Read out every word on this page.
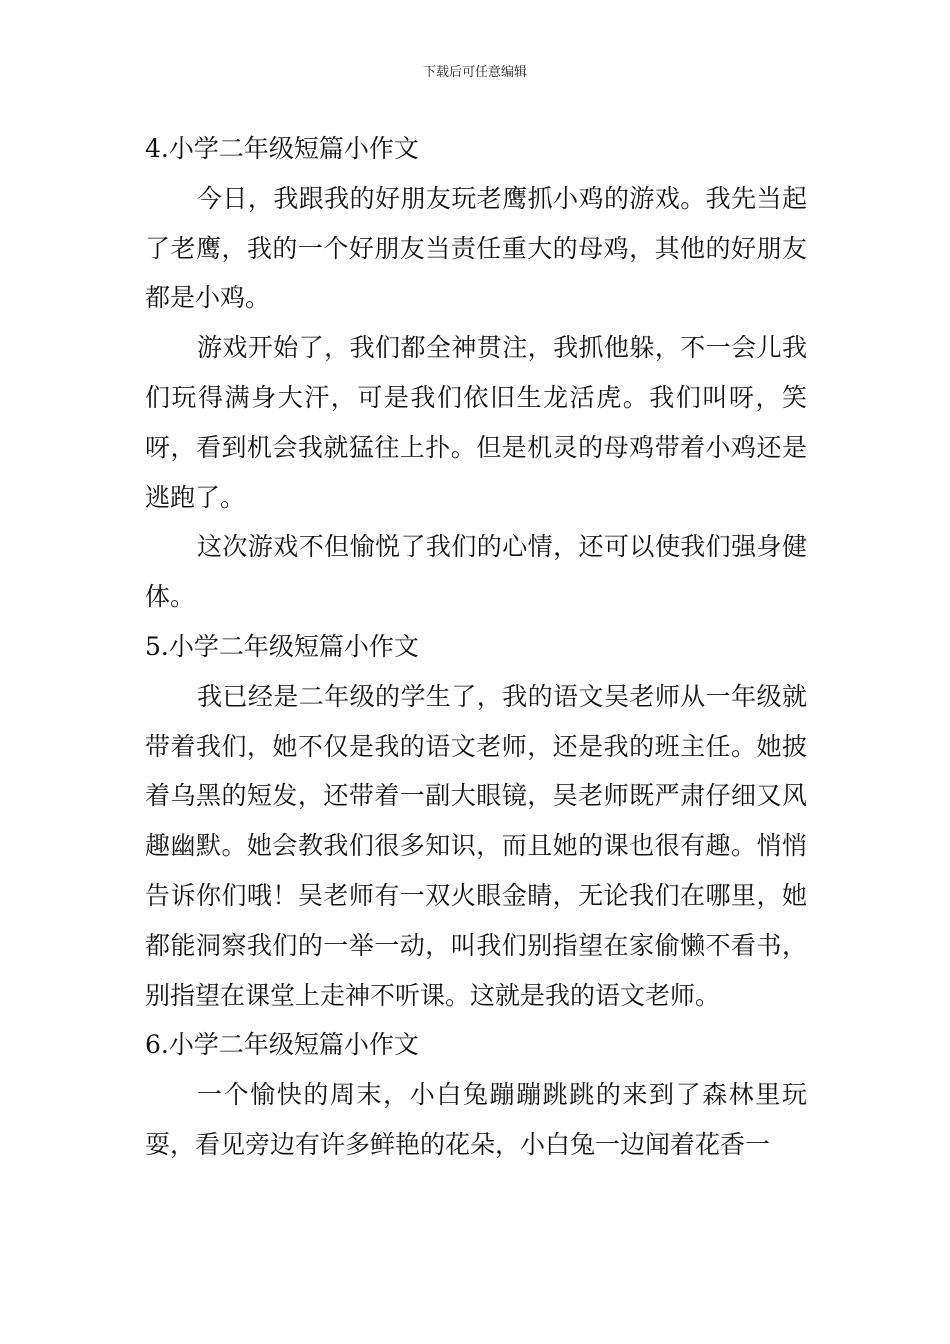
下载后可任意编辑

4.小学二年级短篇小作文

今日，我跟我的好朋友玩老鹰抓小鸡的游戏。我先当起了老鹰，我的一个好朋友当责任重大的母鸡，其他的好朋友都是小鸡。

游戏开始了，我们都全神贯注，我抓他躲，不一会儿我们玩得满身大汗，可是我们依旧生龙活虎。我们叫呀，笑呀，看到机会我就猛往上扑。但是机灵的母鸡带着小鸡还是逃跑了。

这次游戏不但愉悦了我们的心情，还可以使我们强身健体。

5.小学二年级短篇小作文

我已经是二年级的学生了，我的语文吴老师从一年级就带着我们，她不仅是我的语文老师，还是我的班主任。她披着乌黑的短发，还带着一副大眼镜，吴老师既严肃仔细又风趣幽默。她会教我们很多知识，而且她的课也很有趣。悄悄告诉你们哦！吴老师有一双火眼金睛，无论我们在哪里，她都能洞察我们的一举一动，叫我们别指望在家偷懒不看书，别指望在课堂上走神不听课。这就是我的语文老师。

6.小学二年级短篇小作文

一个愉快的周末，小白兔蹦蹦跳跳的来到了森林里玩耍，看见旁边有许多鲜艳的花朵，小白兔一边闻着花香一
